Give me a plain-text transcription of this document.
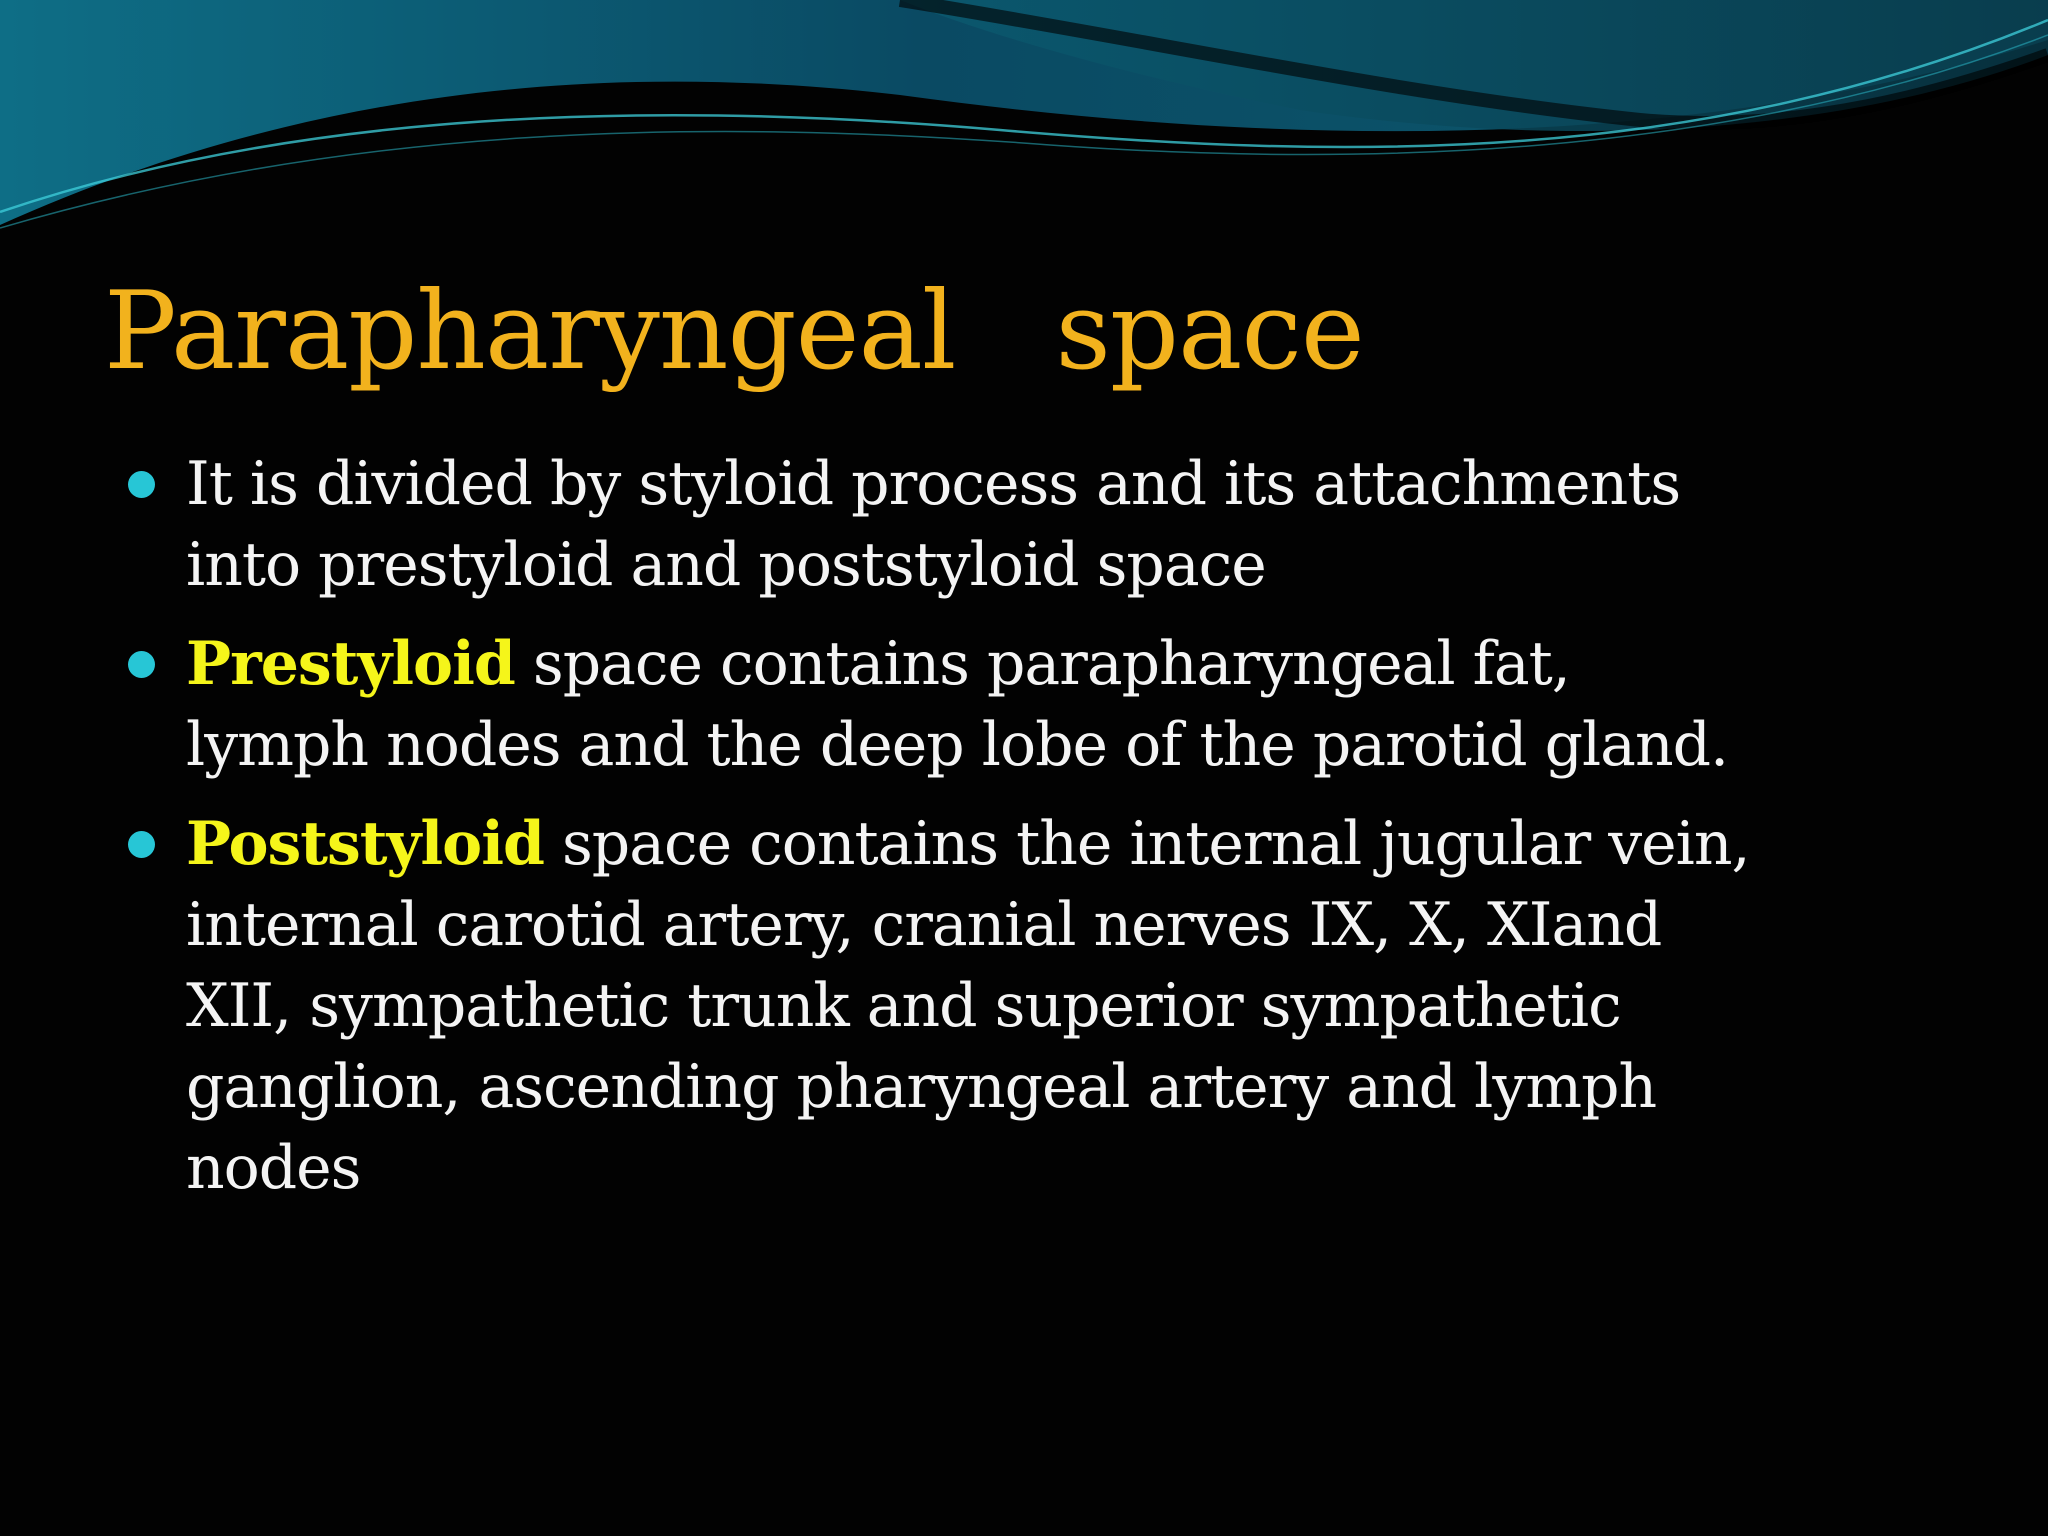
Parapharyngeal   space
It is divided by styloid process and its attachments into prestyloid and poststyloid space
Prestyloid space contains parapharyngeal fat, lymph nodes and the deep lobe of the parotid gland.
Poststyloid space contains the internal jugular vein, internal carotid artery, cranial nerves IX, X, XIand XII, sympathetic trunk and superior sympathetic ganglion, ascending pharyngeal artery and lymph nodes
